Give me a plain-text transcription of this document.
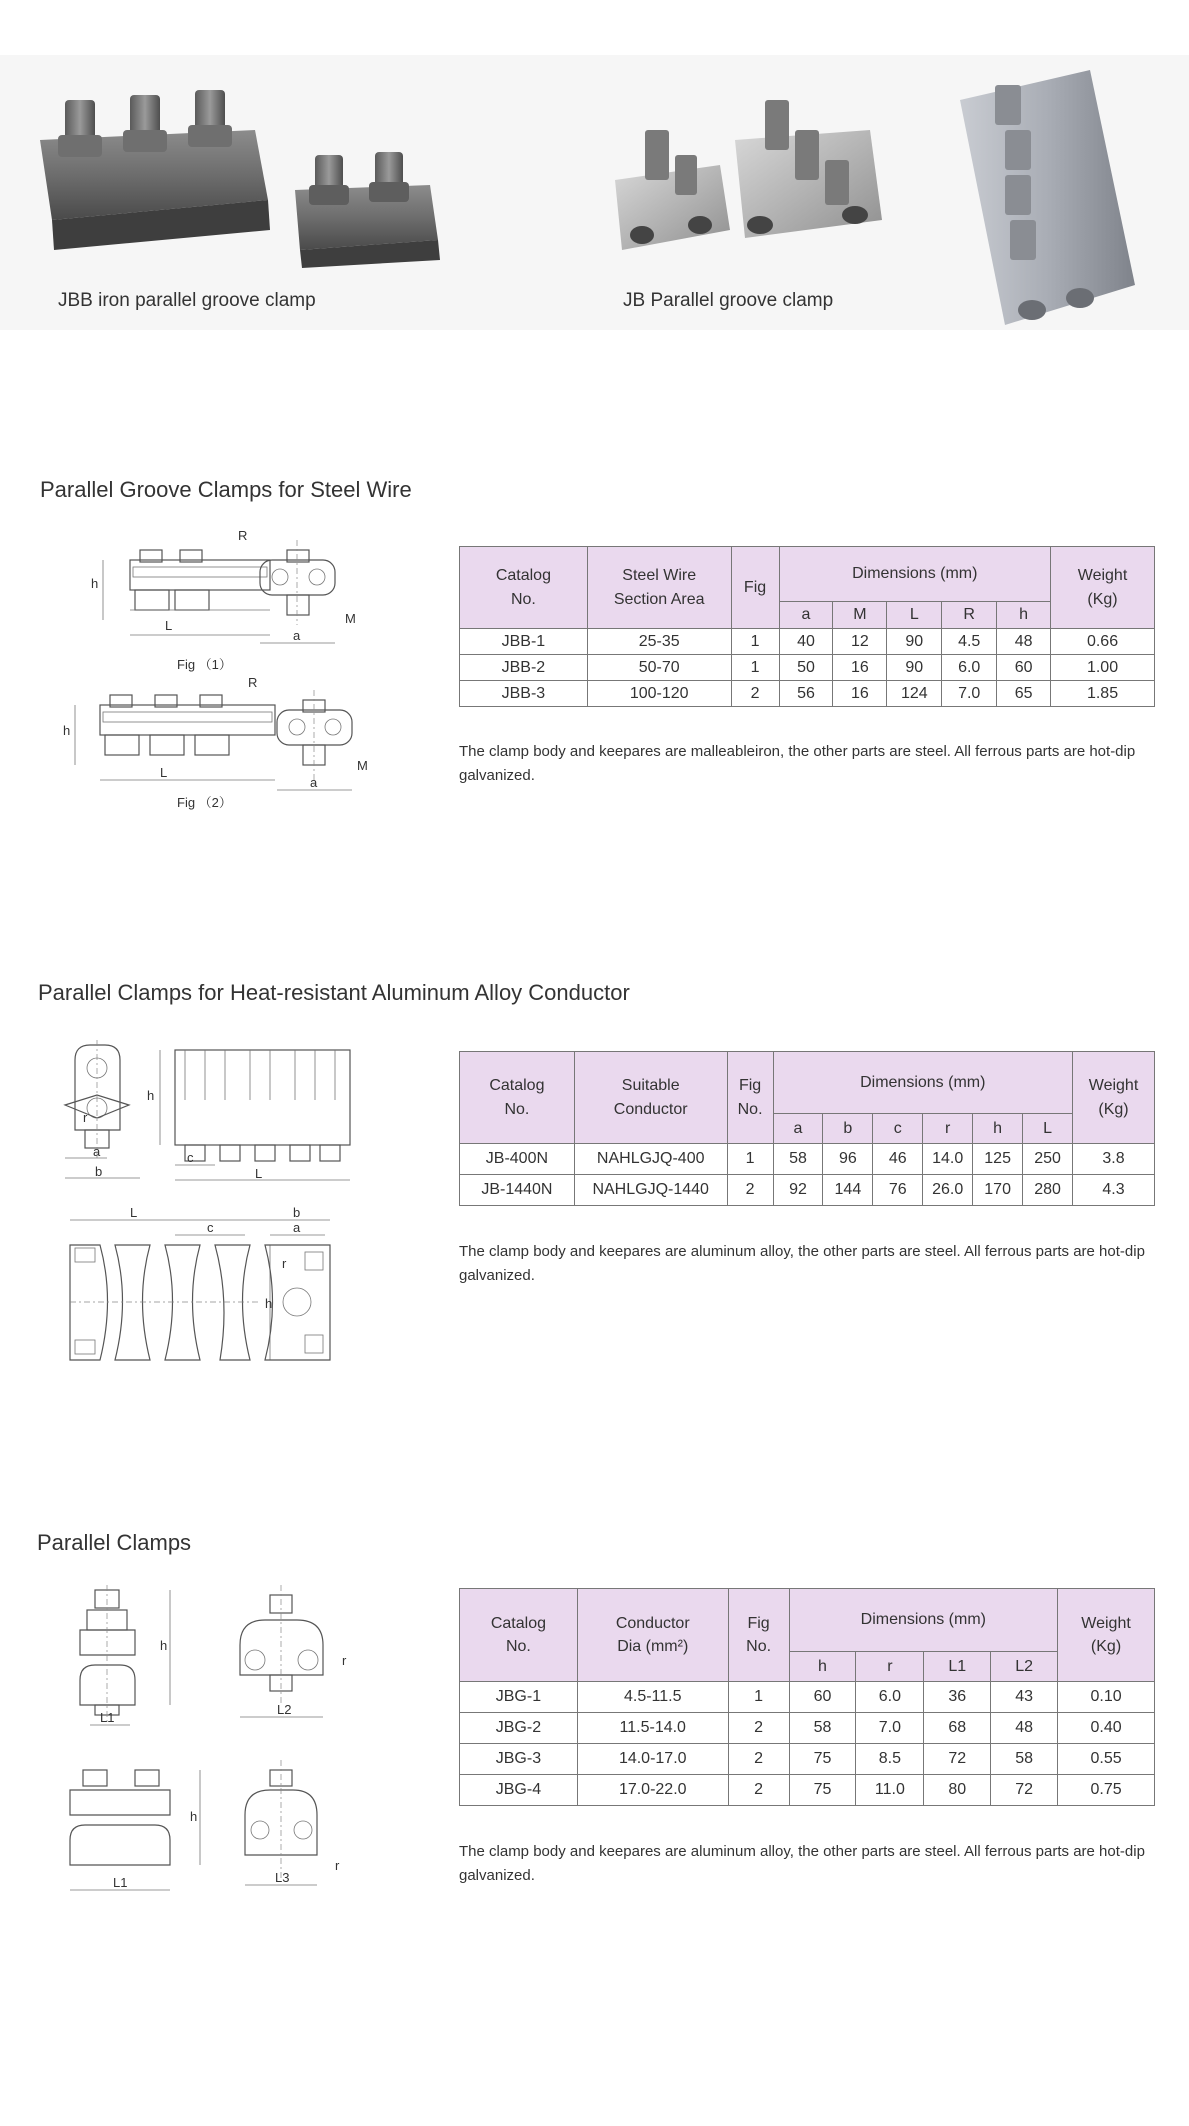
JBB iron parallel groove clamp	JB Parallel groove clamp
Parallel Groove Clamps for Steel Wire
h
L
R
a
M
Fig （1）
h
L
R
a
M
Fig （2）
Catalog
No.	Steel Wire
Section Area	Fig	Dimensions (mm)					Weight
(Kg)
			a	M	L	R	h	
JBB-1	25-35	1	40	12	90	4.5	48	0.66
JBB-2	50-70	1	50	16	90	6.0	60	1.00
JBB-3	100-120	2	56	16	124	7.0	65	1.85
The clamp body and keepares are malleableiron, the other parts are steel. All ferrous parts are hot-dip galvanized.
Parallel Clamps for Heat-resistant Aluminum Alloy Conductor
r
a
b
h
c
L
L
c
h
b
a
r
Catalog
No.	Suitable
Conductor	Fig
No.	Dimensions (mm)						Weight
(Kg)
			a	b	c	r	h	L	
JB-400N	NAHLGJQ-400	1	58	96	46	14.0	125	250	3.8
JB-1440N	NAHLGJQ-1440	2	92	144	76	26.0	170	280	4.3
The clamp body and keepares are aluminum alloy, the other parts are steel. All ferrous parts are hot-dip galvanized.
Parallel Clamps
h
L1
r
L2
h
L1
r
L3
Catalog
No.	Conductor
Dia (mm²)	Fig
No.	Dimensions (mm)				Weight
(Kg)
			h	r	L1	L2	
JBG-1	4.5-11.5	1	60	6.0	36	43	0.10
JBG-2	11.5-14.0	2	58	7.0	68	48	0.40
JBG-3	14.0-17.0	2	75	8.5	72	58	0.55
JBG-4	17.0-22.0	2	75	11.0	80	72	0.75
The clamp body and keepares are aluminum alloy, the other parts are steel. All ferrous parts are hot-dip galvanized.
